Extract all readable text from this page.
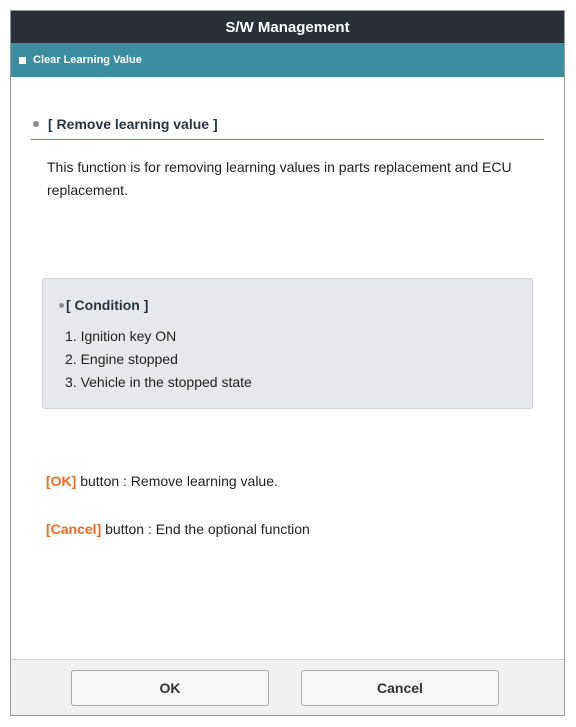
S/W Management
Clear Learning Value
[ Remove learning value ]
This function is for removing learning values in parts replacement and ECU replacement.
[ Condition ]
1. Ignition key ON
2. Engine stopped
3. Vehicle in the stopped state
[OK] button : Remove learning value.
[Cancel] button : End the optional function
OK	Cancel
